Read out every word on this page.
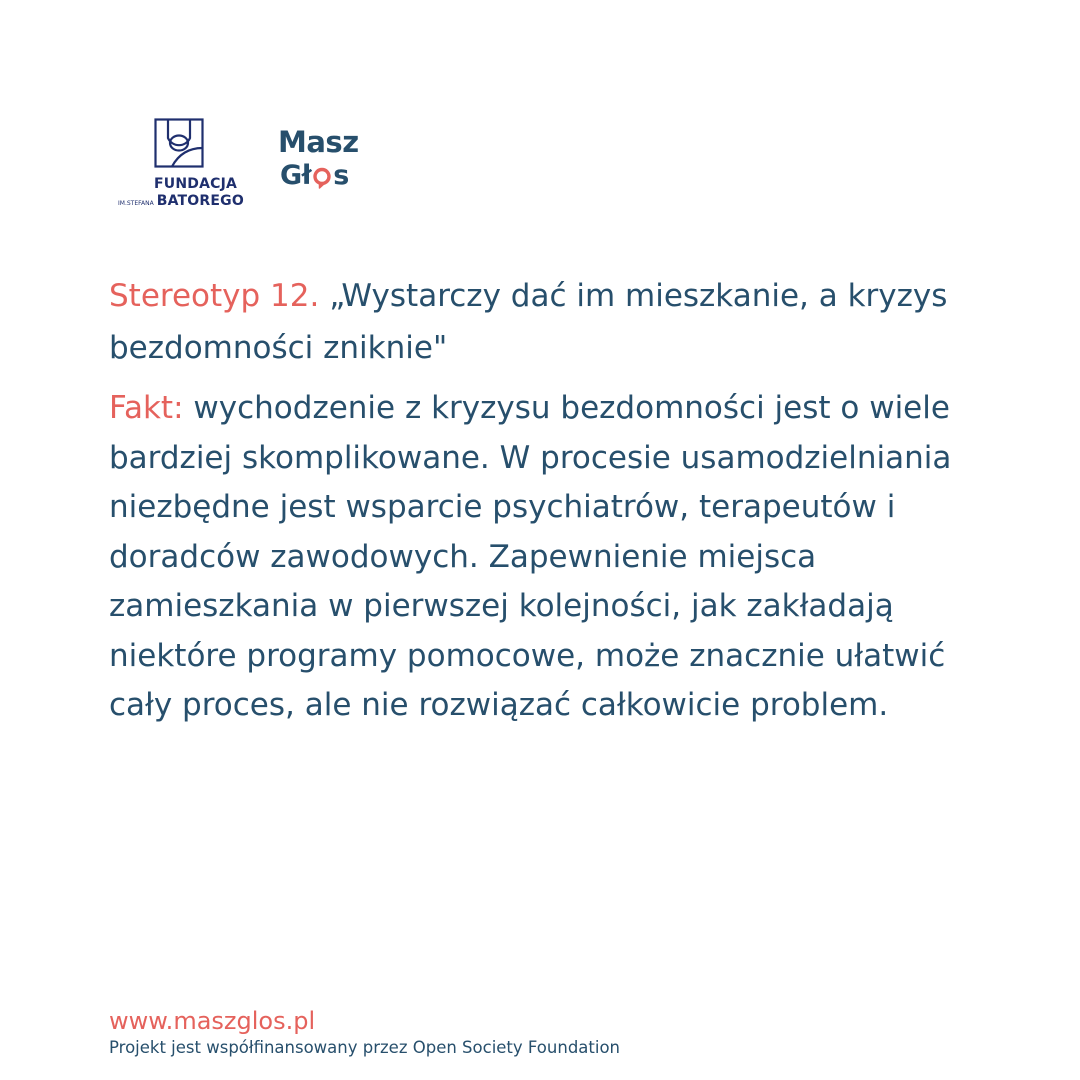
FUNDACJA
IM.STEFANA BATOREGO
Masz
Gł s

Stereotyp 12. „Wystarczy dać im mieszkanie, a kryzys bezdomności zniknie"

Fakt: wychodzenie z kryzysu bezdomności jest o wiele bardziej skomplikowane. W procesie usamodzielniania niezbędne jest wsparcie psychiatrów, terapeutów i doradców zawodowych. Zapewnienie miejsca zamieszkania w pierwszej kolejności, jak zakładają niektóre programy pomocowe, może znacznie ułatwić cały proces, ale nie rozwiązać całkowicie problem.

www.maszglos.pl
Projekt jest współfinansowany przez Open Society Foundation
